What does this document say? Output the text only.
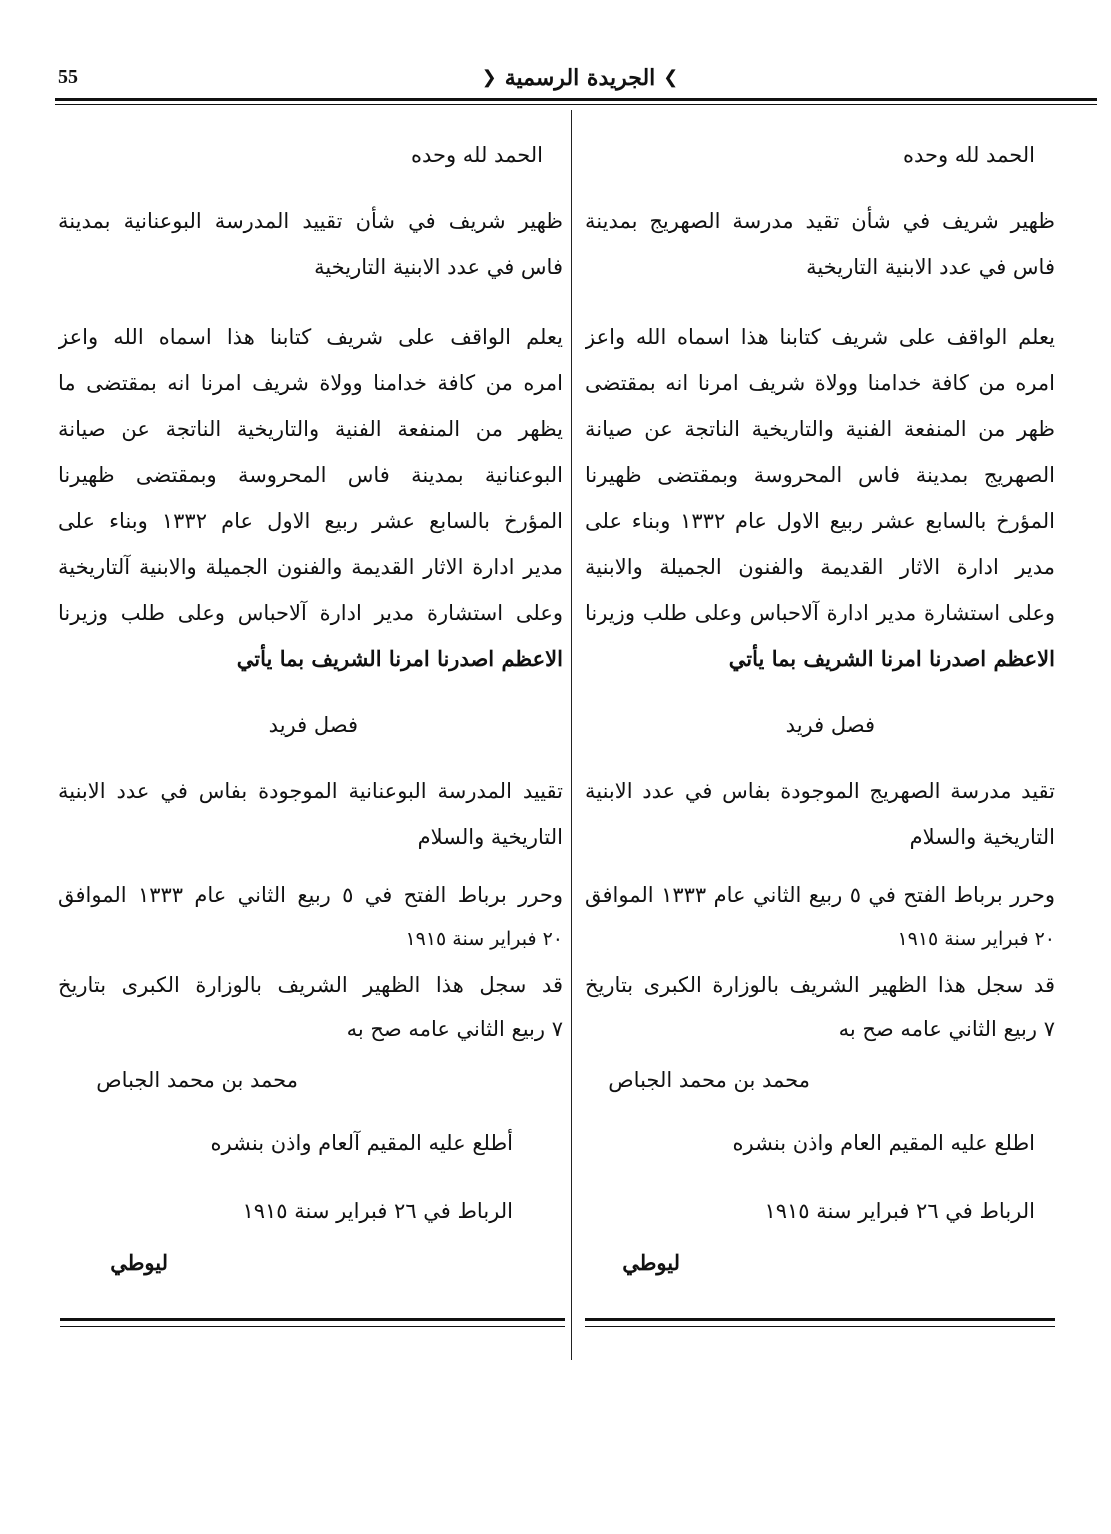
55	❯ الجريدة الرسمية ❮
الحمد لله وحده
ظهير شريف في شأن تقيد مدرسة الصهريج بمدينة
فاس في عدد الابنية التاريخية
يعلم الواقف على شريف كتابنا هذا اسماه الله واعز
امره من كافة خدامنا وولاة شريف امرنا انه بمقتضى
ظهر من المنفعة الفنية والتاريخية الناتجة عن صيانة
الصهريج بمدينة فاس المحروسة وبمقتضى ظهيرنا
المؤرخ بالسابع عشر ربيع الاول عام ١٣٣٢ وبناء على
مدير ادارة الاثار القديمة والفنون الجميلة والابنية
وعلى استشارة مدير ادارة آلاحباس وعلى طلب وزيرنا
الاعظم اصدرنا امرنا الشريف بما يأتي
فصل فريد
تقيد مدرسة الصهريج الموجودة بفاس في عدد الابنية
التاريخية والسلام
وحرر برباط الفتح في ٥ ربيع الثاني عام ١٣٣٣ الموافق
٢٠ فبراير سنة ١٩١٥
قد سجل هذا الظهير الشريف بالوزارة الكبرى بتاريخ
٧ ربيع الثاني عامه صح به
محمد بن محمد الجباص
اطلع عليه المقيم العام واذن بنشره
الرباط في ٢٦ فبراير سنة ١٩١٥
ليوطي
الحمد لله وحده
ظهير شريف في شأن تقييد المدرسة البوعنانية بمدينة
فاس في عدد الابنية التاريخية
يعلم الواقف على شريف كتابنا هذا اسماه الله واعز
امره من كافة خدامنا وولاة شريف امرنا انه بمقتضى ما
يظهر من المنفعة الفنية والتاريخية الناتجة عن صيانة
البوعنانية بمدينة فاس المحروسة وبمقتضى ظهيرنا
المؤرخ بالسابع عشر ربيع الاول عام ١٣٣٢ وبناء على
مدير ادارة الاثار القديمة والفنون الجميلة والابنية آلتاريخية
وعلى استشارة مدير ادارة آلاحباس وعلى طلب وزيرنا
الاعظم اصدرنا امرنا الشريف بما يأتي
فصل فريد
تقييد المدرسة البوعنانية الموجودة بفاس في عدد الابنية
التاريخية والسلام
وحرر برباط الفتح في ٥ ربيع الثاني عام ١٣٣٣ الموافق
٢٠ فبراير سنة ١٩١٥
قد سجل هذا الظهير الشريف بالوزارة الكبرى بتاريخ
٧ ربيع الثاني عامه صح به
محمد بن محمد الجباص
أطلع عليه المقيم آلعام واذن بنشره
الرباط في ٢٦ فبراير سنة ١٩١٥
ليوطي
